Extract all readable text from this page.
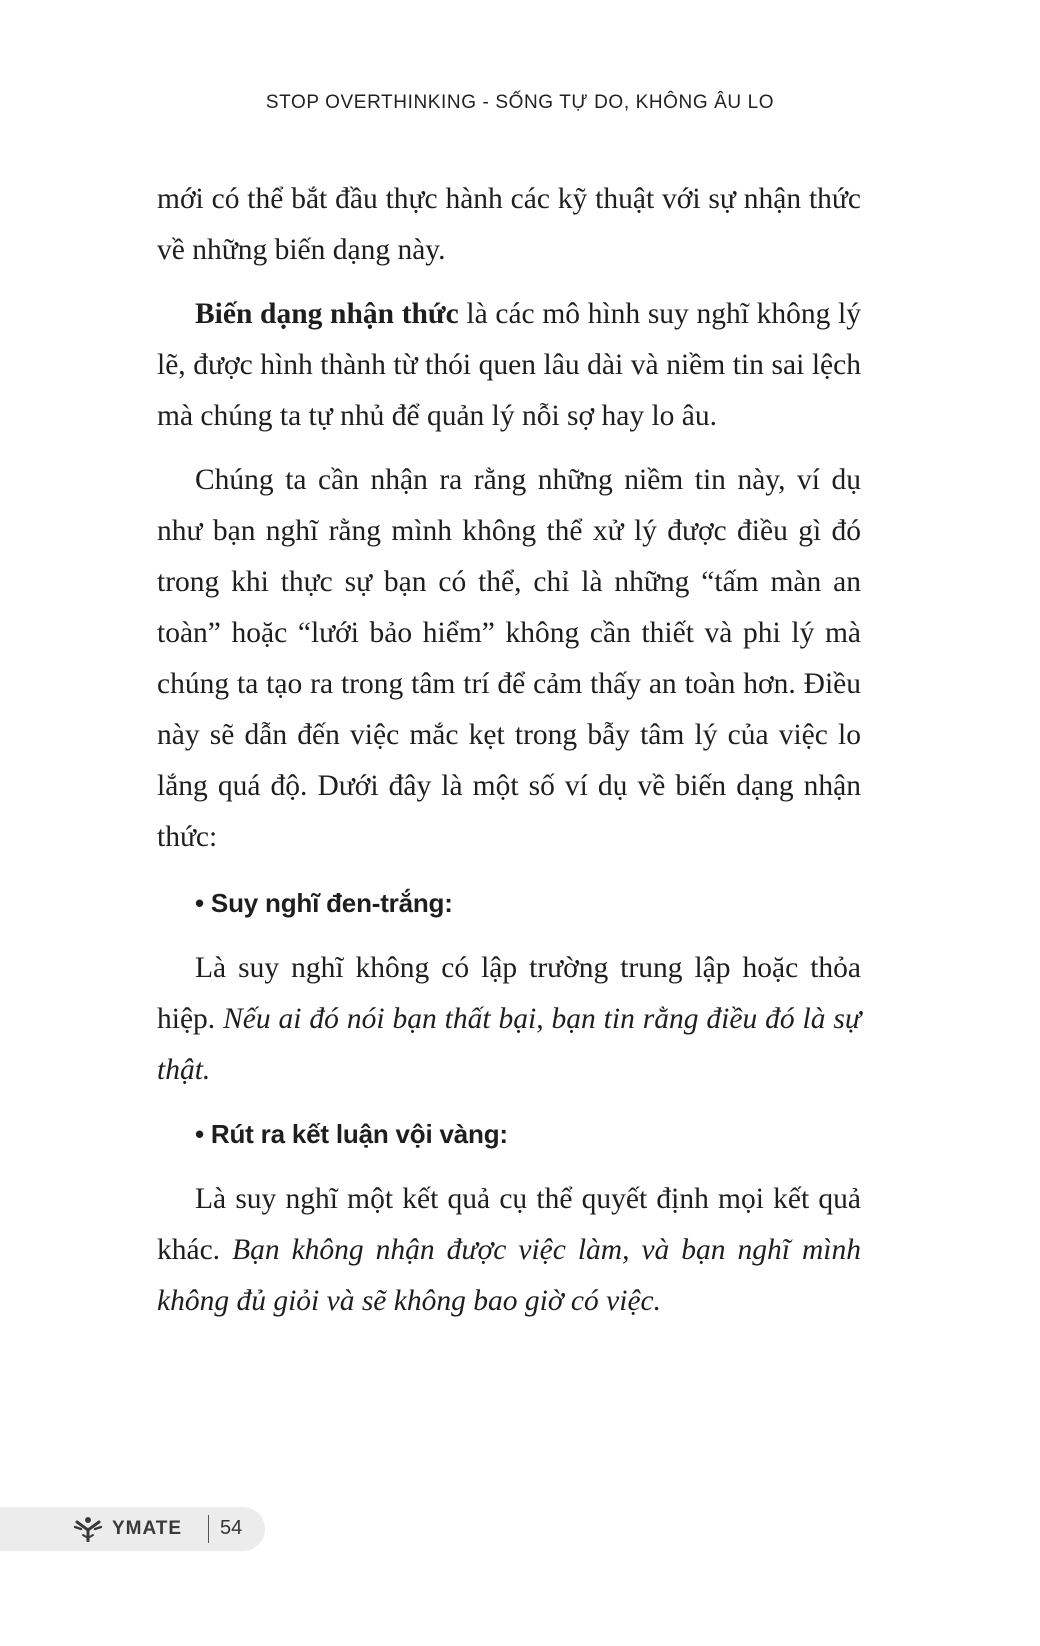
STOP OVERTHINKING - SỐNG TỰ DO, KHÔNG ÂU LO

mới có thể bắt đầu thực hành các kỹ thuật với sự nhận thức về những biến dạng này.

Biến dạng nhận thức là các mô hình suy nghĩ không lý lẽ, được hình thành từ thói quen lâu dài và niềm tin sai lệch mà chúng ta tự nhủ để quản lý nỗi sợ hay lo âu.

Chúng ta cần nhận ra rằng những niềm tin này, ví dụ như bạn nghĩ rằng mình không thể xử lý được điều gì đó trong khi thực sự bạn có thể, chỉ là những “tấm màn an toàn” hoặc “lưới bảo hiểm” không cần thiết và phi lý mà chúng ta tạo ra trong tâm trí để cảm thấy an toàn hơn. Điều này sẽ dẫn đến việc mắc kẹt trong bẫy tâm lý của việc lo lắng quá độ. Dưới đây là một số ví dụ về biến dạng nhận thức:

• Suy nghĩ đen-trắng:

Là suy nghĩ không có lập trường trung lập hoặc thỏa hiệp. Nếu ai đó nói bạn thất bại, bạn tin rằng điều đó là sự thật.

• Rút ra kết luận vội vàng:

Là suy nghĩ một kết quả cụ thể quyết định mọi kết quả khác. Bạn không nhận được việc làm, và bạn nghĩ mình không đủ giỏi và sẽ không bao giờ có việc.

YMATE 54
